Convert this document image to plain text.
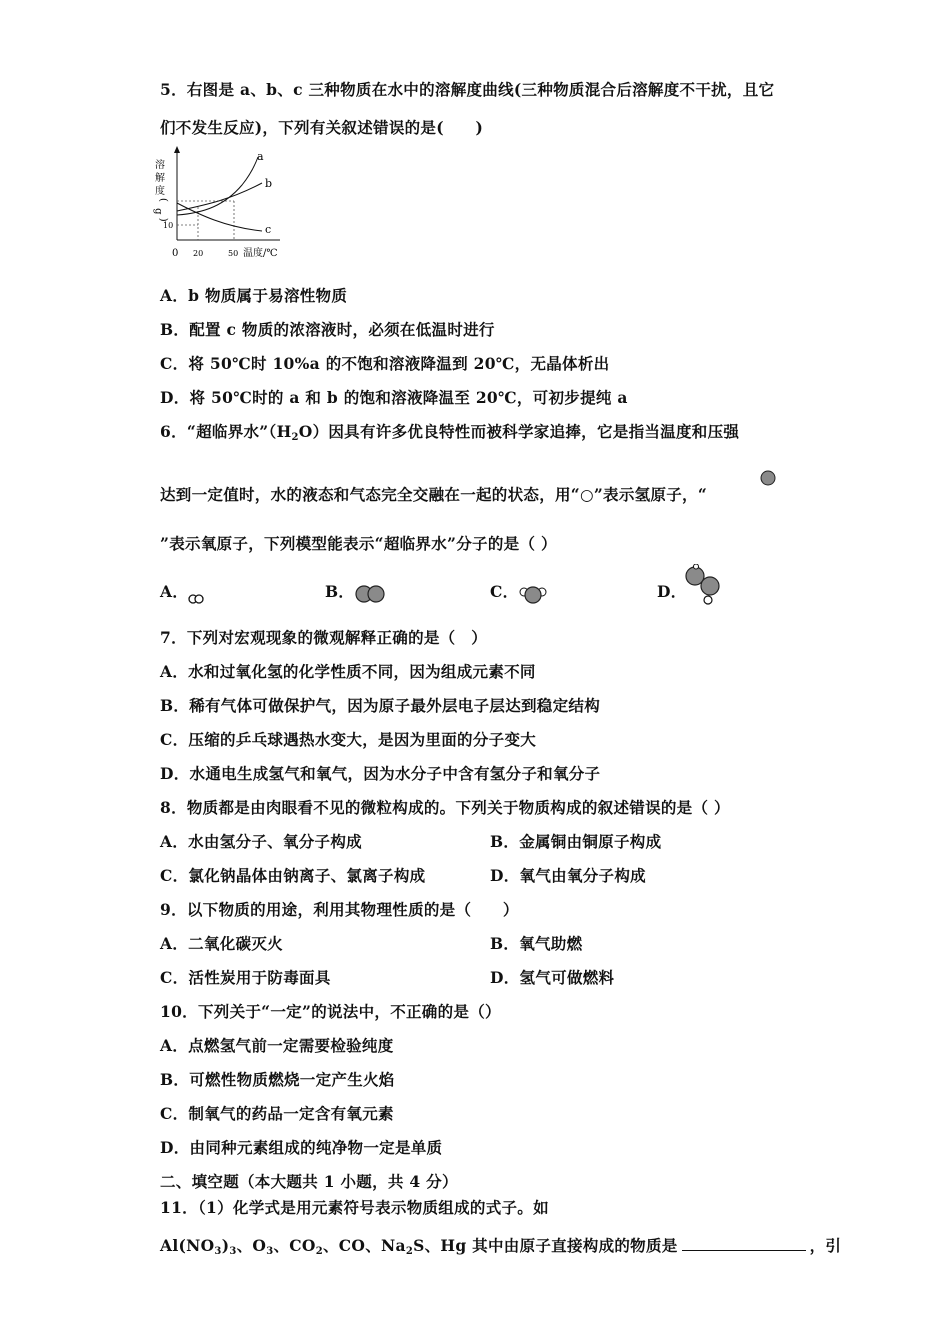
5．右图是 a、b、c 三种物质在水中的溶解度曲线(三种物质混合后溶解度不干扰，且它
们不发生反应)，下列有关叙述错误的是(　　)
溶解度( g )
a
b
c
10
0 20	50 温度/℃
A．b 物质属于易溶性物质
B．配置 c 物质的浓溶液时，必须在低温时进行
C．将 50℃时 10%a 的不饱和溶液降温到 20℃，无晶体析出
D．将 50℃时的 a 和 b 的饱和溶液降温至 20℃，可初步提纯 a
6．“超临界水$”(H_2O)$因具有许多优良特性而被科学家追捧，它是指当温度和压强
达到一定值时，水的液态和气态完全交融在一起的状态，用“○”表示氢原子，“
”表示氧原子，下列模型能表示“超临界水”分子的是（ ）
A．	B．	C．	D．
7．下列对宏观现象的微观解释正确的是（　）
A．水和过氧化氢的化学性质不同，因为组成元素不同
B．稀有气体可做保护气，因为原子最外层电子层达到稳定结构
C．压缩的乒乓球遇热水变大，是因为里面的分子变大
D．水通电生成氢气和氧气，因为水分子中含有氢分子和氧分子
8．物质都是由肉眼看不见的微粒构成的。下列关于物质构成的叙述错误的是（ ）
A．水由氢分子、氧分子构成	B．金属铜由铜原子构成
C．氯化钠晶体由钠离子、氯离子构成	D．氧气由氧分子构成
9．以下物质的用途，利用其物理性质的是（　　）
A．二氧化碳灭火	B．氧气助燃
C．活性炭用于防毒面具	D．氢气可做燃料
10．下列关于“一定”的说法中，不正确的是（）
A．点燃氢气前一定需要检验纯度
B．可燃性物质燃烧一定产生火焰
C．制氧气的药品一定含有氧元素
D．由同种元素组成的纯净物一定是单质
二、填空题（本大题共 1 小题，共 4 分）
11．（1）化学式是用元素符号表示物质组成的式子。如
$Al(NO_3)_3$、$O_3$、$CO_2$、CO、$Na_2S$、Hg 其中由原子直接构成的物质是	，引
